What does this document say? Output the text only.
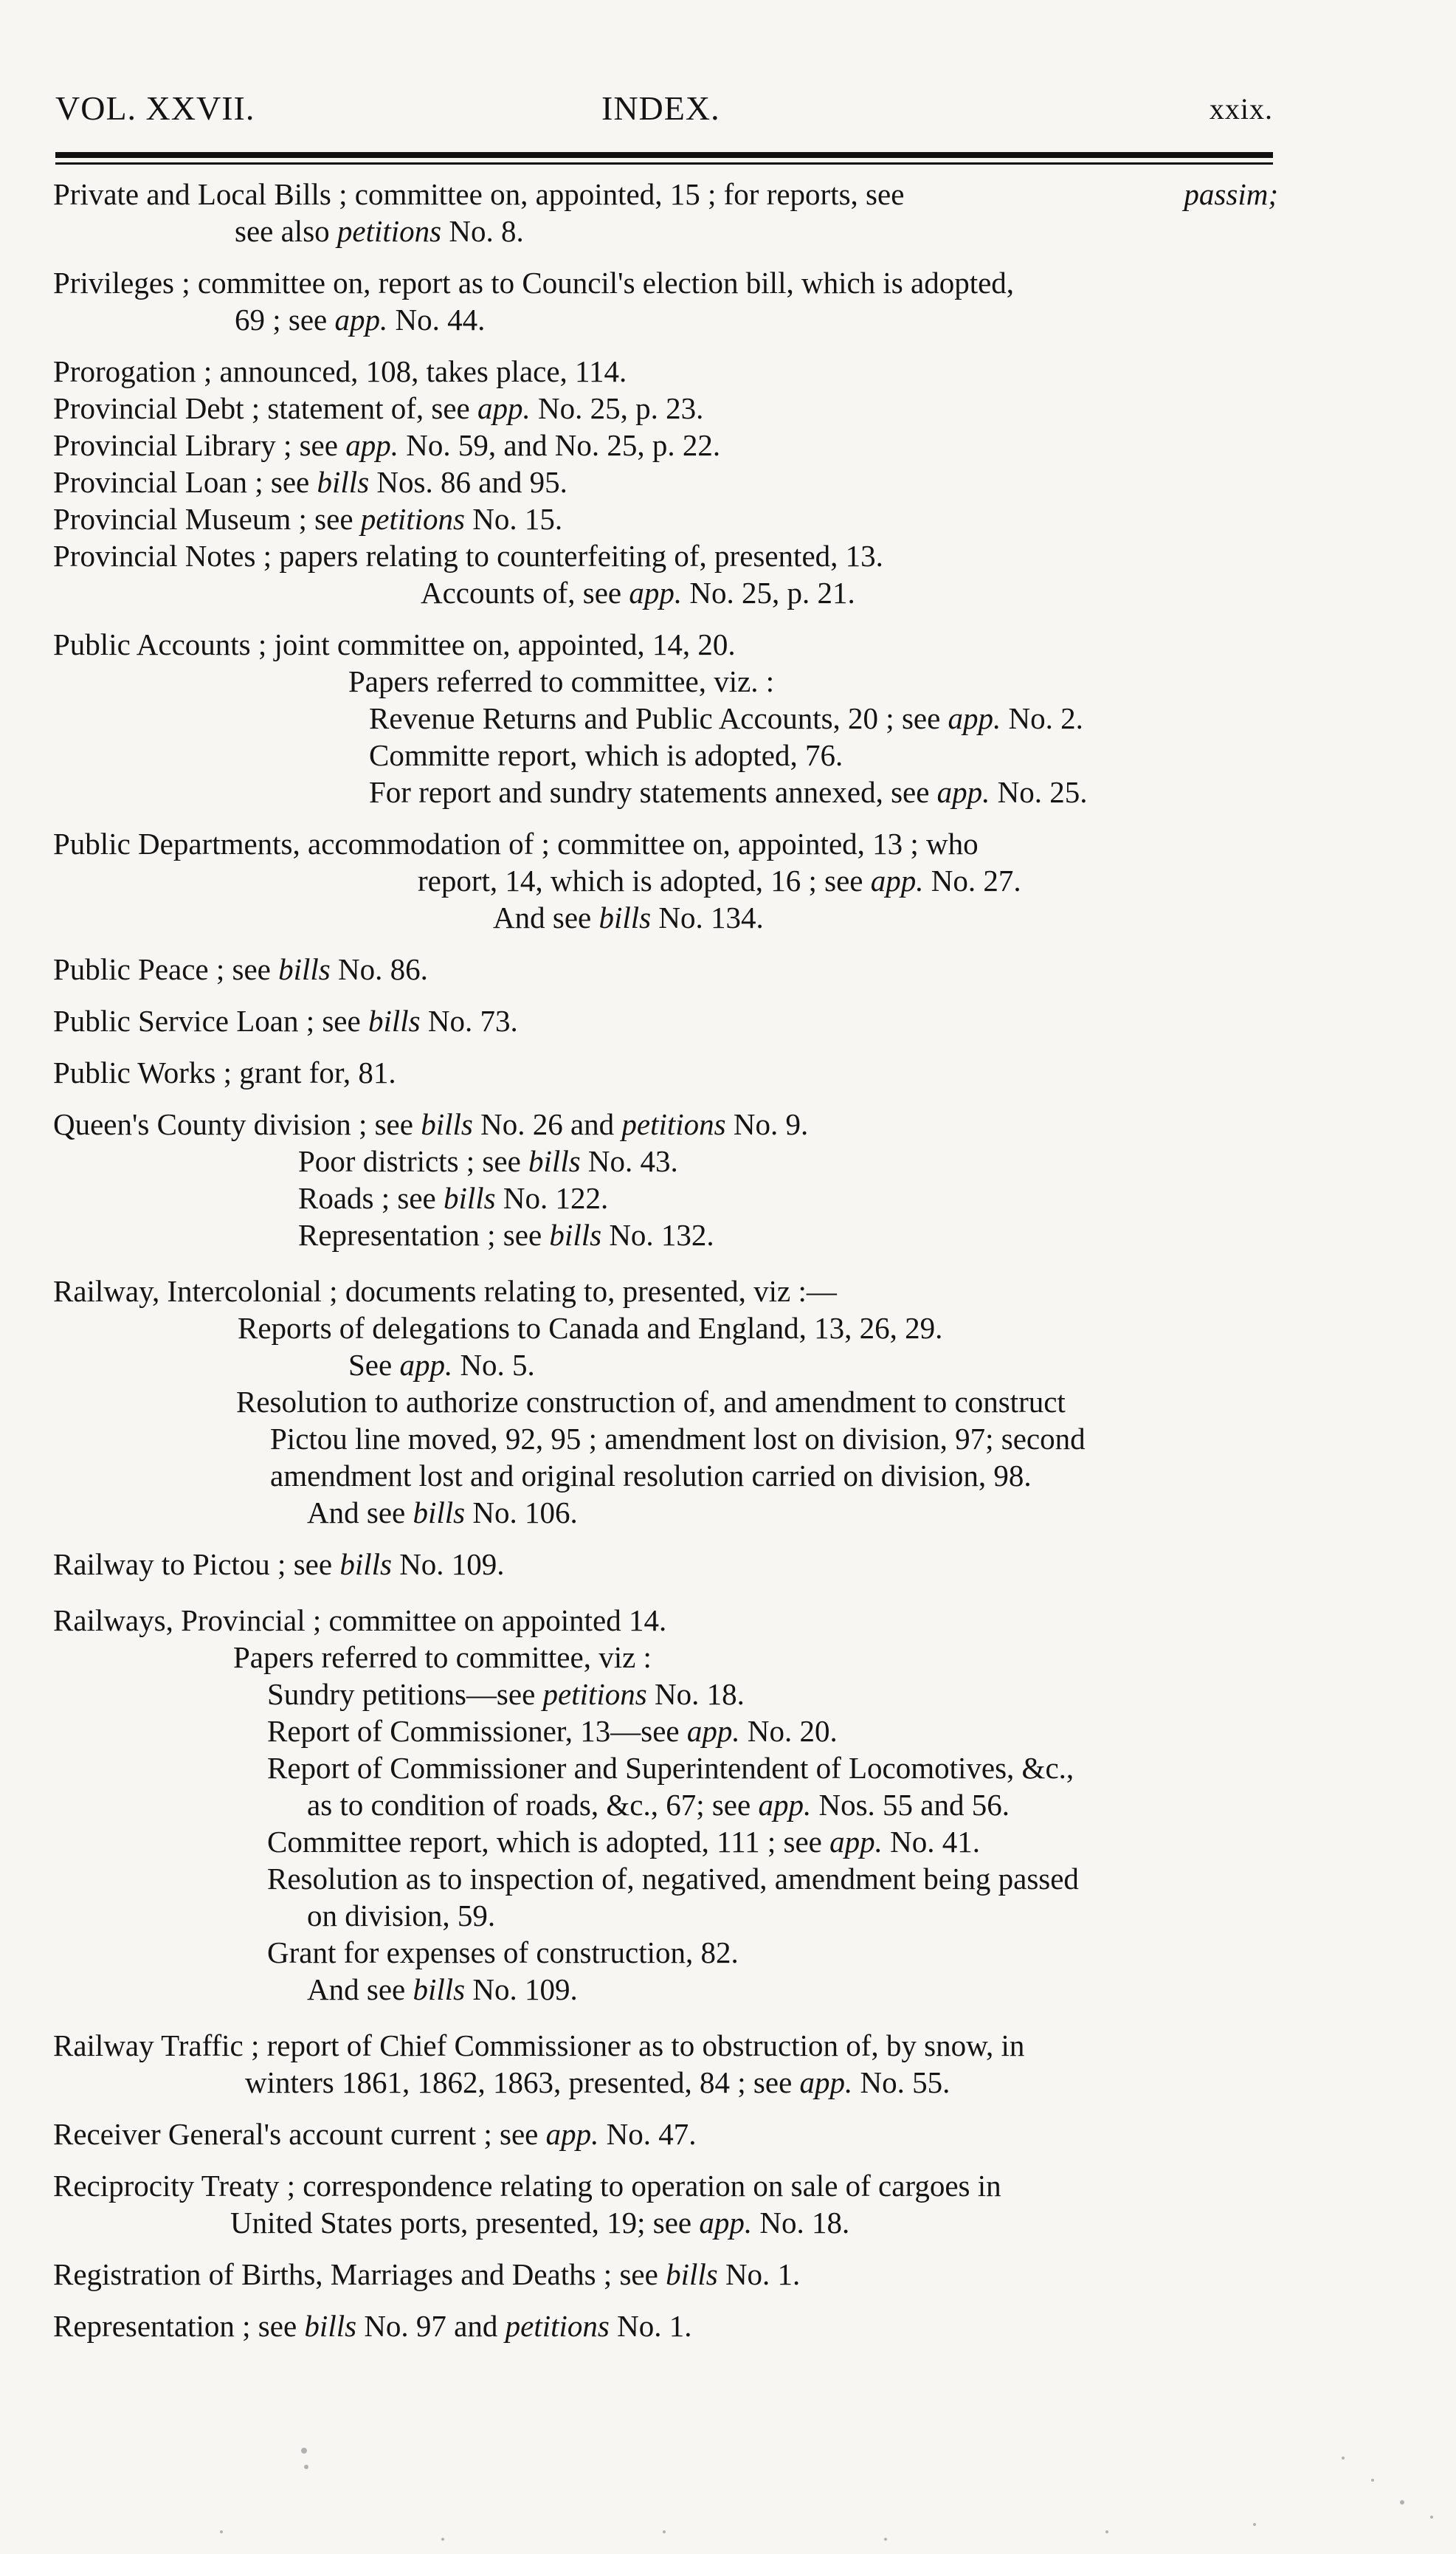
VOL. XXVII.	INDEX.	xxix.
Private and Local Bills ; committee on, appointed, 15 ; for reports, see	passim;
see also petitions No. 8.
Privileges ; committee on, report as to Council's election bill, which is adopted,
69 ; see app. No. 44.
Prorogation ; announced, 108, takes place, 114.
Provincial Debt ; statement of, see app. No. 25, p. 23.
Provincial Library ; see app. No. 59, and No. 25, p. 22.
Provincial Loan ; see bills Nos. 86 and 95.
Provincial Museum ; see petitions No. 15.
Provincial Notes ; papers relating to counterfeiting of, presented, 13.
Accounts of, see app. No. 25, p. 21.
Public Accounts ; joint committee on, appointed, 14, 20.
Papers referred to committee, viz. :
Revenue Returns and Public Accounts, 20 ; see app. No. 2.
Committe report, which is adopted, 76.
For report and sundry statements annexed, see app. No. 25.
Public Departments, accommodation of ; committee on, appointed, 13 ; who
report, 14, which is adopted, 16 ; see app. No. 27.
And see bills No. 134.
Public Peace ; see bills No. 86.
Public Service Loan ; see bills No. 73.
Public Works ; grant for, 81.
Queen's County division ; see bills No. 26 and petitions No. 9.
Poor districts ; see bills No. 43.
Roads ; see bills No. 122.
Representation ; see bills No. 132.
Railway, Intercolonial ; documents relating to, presented, viz :—
Reports of delegations to Canada and England, 13, 26, 29.
See app. No. 5.
Resolution to authorize construction of, and amendment to construct
Pictou line moved, 92, 95 ; amendment lost on division, 97; second
amendment lost and original resolution carried on division, 98.
And see bills No. 106.
Railway to Pictou ; see bills No. 109.
Railways, Provincial ; committee on appointed 14.
Papers referred to committee, viz :
Sundry petitions—see petitions No. 18.
Report of Commissioner, 13—see app. No. 20.
Report of Commissioner and Superintendent of Locomotives, &c.,
as to condition of roads, &c., 67; see app. Nos. 55 and 56.
Committee report, which is adopted, 111 ; see app. No. 41.
Resolution as to inspection of, negatived, amendment being passed
on division, 59.
Grant for expenses of construction, 82.
And see bills No. 109.
Railway Traffic ; report of Chief Commissioner as to obstruction of, by snow, in
winters 1861, 1862, 1863, presented, 84 ; see app. No. 55.
Receiver General's account current ; see app. No. 47.
Reciprocity Treaty ; correspondence relating to operation on sale of cargoes in
United States ports, presented, 19; see app. No. 18.
Registration of Births, Marriages and Deaths ; see bills No. 1.
Representation ; see bills No. 97 and petitions No. 1.
